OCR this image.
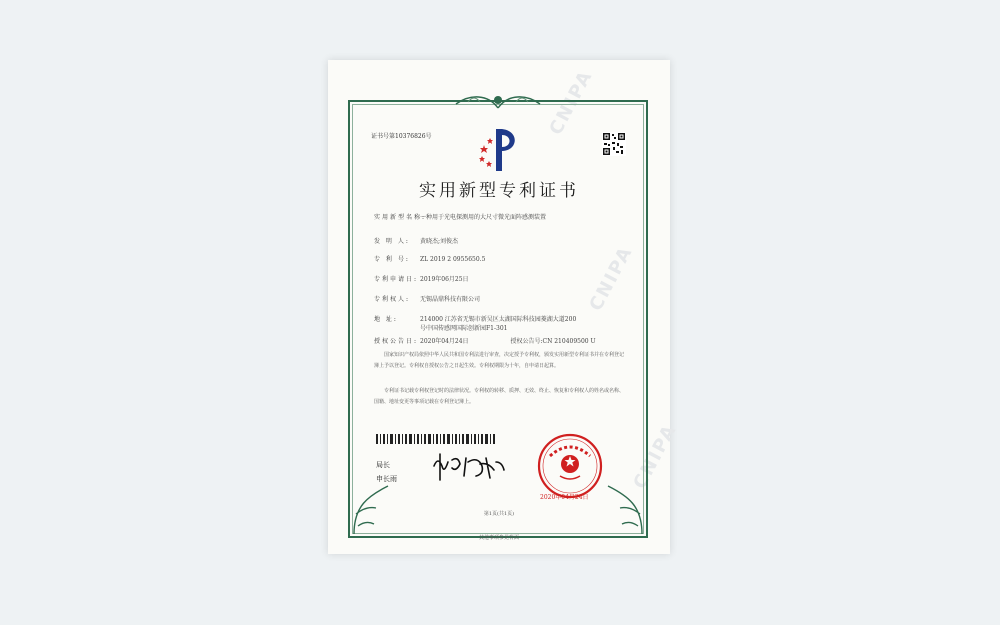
CNIPA
CNIPA
CNIPA
证书号第10376826号
实用新型专利证书
实用新型名称:一种用于光电探测用的大尺寸微光面阵感测装置
发 明 人: 黄晓杰;刘俊杰
专 利 号: ZL 2019 2 0955650.5
专利申请日: 2019年06月25日
专利权人: 无锡晶鼎科技有限公司
地 址:	214000 江苏省无锡市新吴区太湖国际科技园菱湖大道200
号中国传感网国际创新园F1-301
授权公告日: 2020年04月24日	授权公告号:CN 210409500 U
国家知识产权局依照中华人民共和国专利法进行审查，决定授予专利权，颁发实用新型专利证书并在专利登记簿上予以登记。专利权自授权公告之日起生效。专利权期限为十年，自申请日起算。
专利证书记载专利权登记时的法律状况。专利权的转移、质押、无效、终止、恢复和专利权人的姓名或名称、国籍、地址变更等事项记载在专利登记簿上。
局长
申长雨
2020年04月24日
第1页(共1页)
其他事项参见背面
